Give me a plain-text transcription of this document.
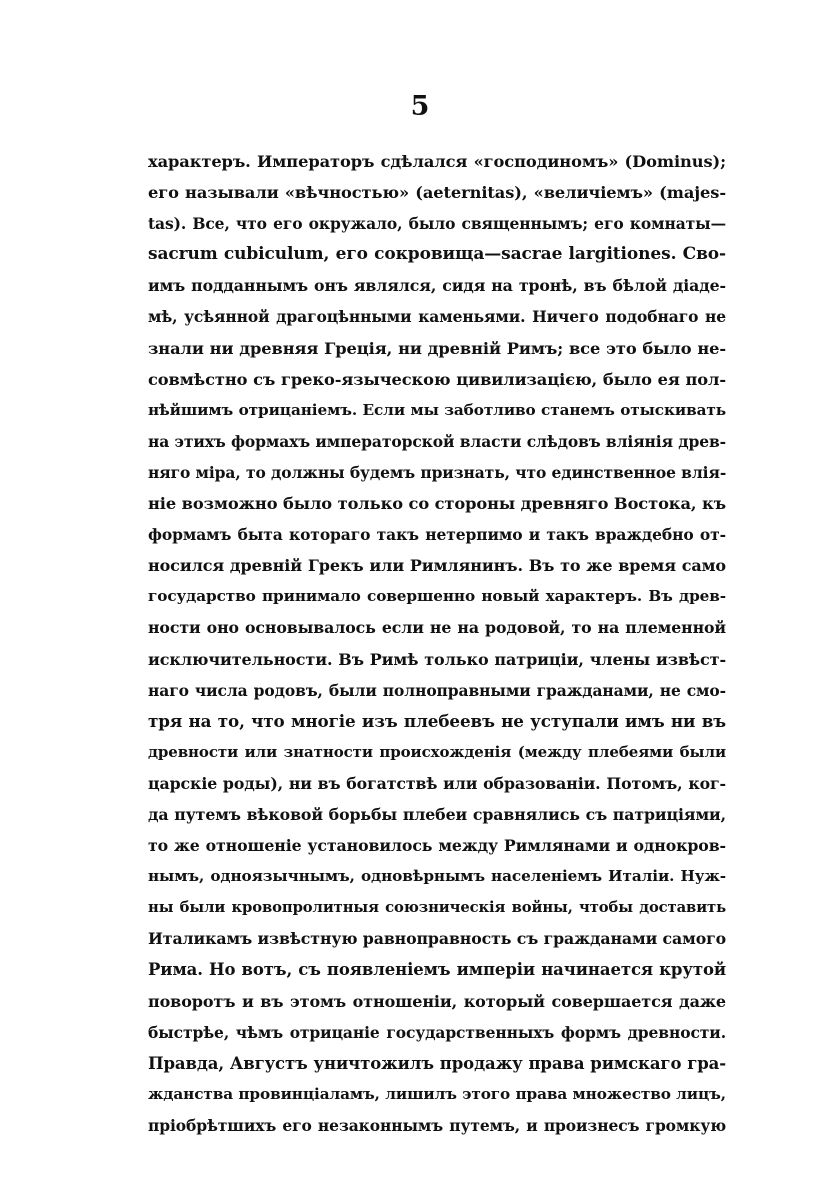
5
характеръ. Императоръ сдѣлался «господиномъ» (Dominus);
его называли «вѣчностью» (aeternitas), «величіемъ» (majes-
tas). Все, что его окружало, было священнымъ; его комнаты—
sacrum cubiculum, его сокровища—sacrae largitiones. Сво-
имъ подданнымъ онъ являлся, сидя на тронѣ, въ бѣлой діаде-
мѣ, усѣянной драгоцѣнными каменьями. Ничего подобнаго не
знали ни древняя Греція, ни древній Римъ; все это было не-
совмѣстно съ греко-языческою цивилизацією, было ея пол-
нѣйшимъ отрицаніемъ. Если мы заботливо станемъ отыскивать
на этихъ формахъ императорской власти слѣдовъ вліянія древ-
няго міра, то должны будемъ признать, что единственное влія-
ніе возможно было только со стороны древняго Востока, къ
формамъ быта котораго такъ нетерпимо и такъ враждебно от-
носился древній Грекъ или Римлянинъ. Въ то же время само
государство принимало совершенно новый характеръ. Въ древ-
ности оно основывалось если не на родовой, то на племенной
исключительности. Въ Римѣ только патриціи, члены извѣст-
наго числа родовъ, были полноправными гражданами, не смо-
тря на то, что многіе изъ плебеевъ не уступали имъ ни въ
древности или знатности происхожденія (между плебеями были
царскіе роды), ни въ богатствѣ или образованіи. Потомъ, ког-
да путемъ вѣковой борьбы плебеи сравнялись съ патриціями,
то же отношеніе установилось между Римлянами и однокров-
нымъ, одноязычнымъ, одновѣрнымъ населеніемъ Италіи. Нуж-
ны были кровопролитныя союзническія войны, чтобы доставить
Италикамъ извѣстную равноправность съ гражданами самого
Рима. Но вотъ, съ появленіемъ имперіи начинается крутой
поворотъ и въ этомъ отношеніи, который совершается даже
быстрѣе, чѣмъ отрицаніе государственныхъ формъ древности.
Правда, Августъ уничтожилъ продажу права римскаго гра-
жданства провинціаламъ, лишилъ этого права множество лицъ,
пріобрѣтшихъ его незаконнымъ путемъ, и произнесъ громкую
